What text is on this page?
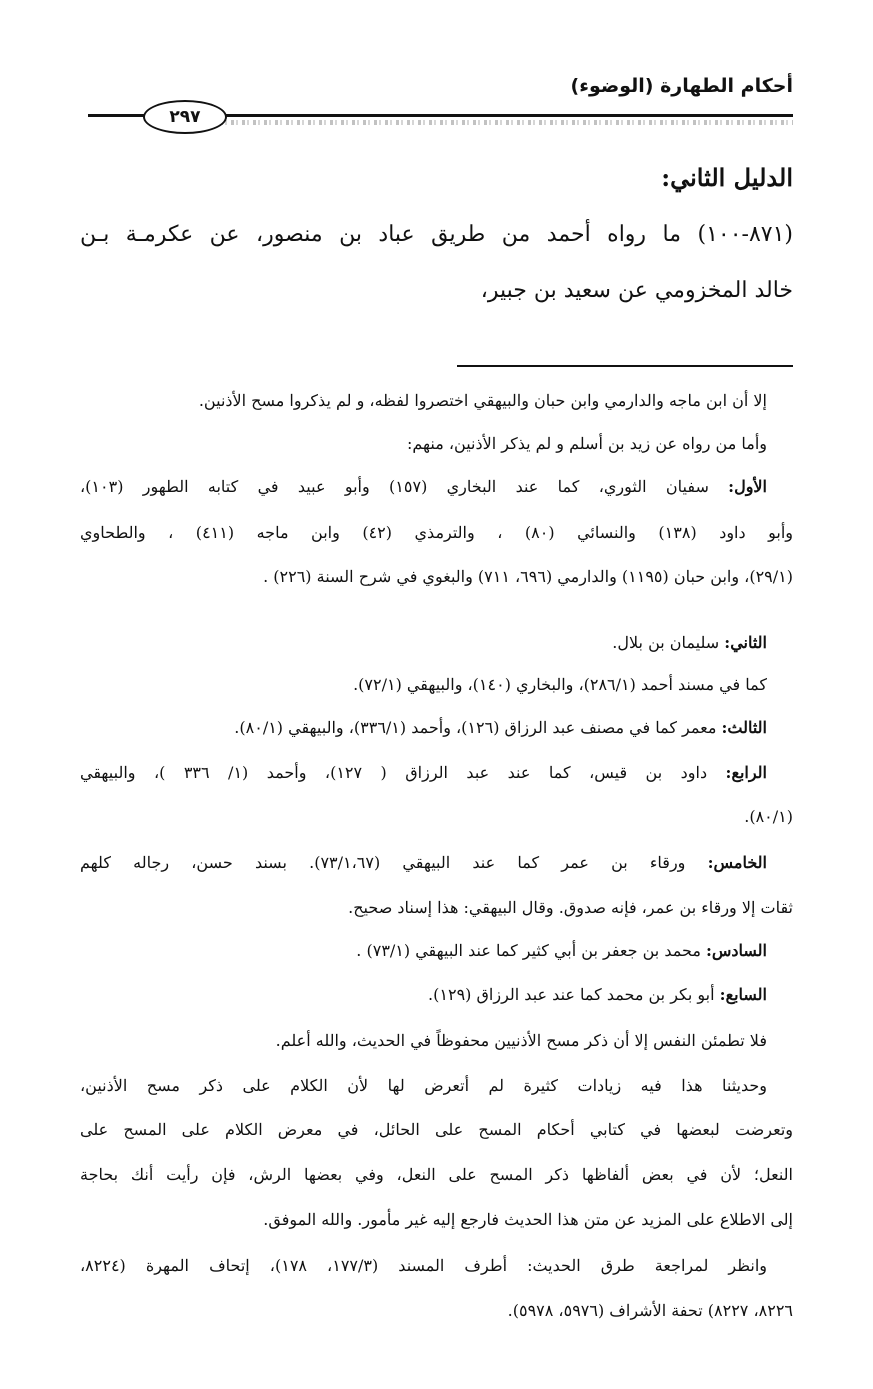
أحكام الطهارة (الوضوء)
٢٩٧
الدليل الثاني:
(٨٧١-١٠٠) ما رواه أحمد من طريق عباد بن منصور، عن عكرمـة بـن
خالد المخزومي عن سعيد بن جبير،
إلا أن ابن ماجه والدارمي وابن حبان والبيهقي اختصروا لفظه، و لم يذكروا مسح الأذنين.
وأما من رواه عن زيد بن أسلم و لم يذكر الأذنين، منهم:
الأول: سفيان الثوري، كما عند البخاري (١٥٧) وأبو عبيد في كتابه الطهور (١٠٣)،
وأبو داود (١٣٨) والنسائي (٨٠) ، والترمذي (٤٢) وابن ماجه (٤١١) ، والطحاوي
(٢٩/١)، وابن حبان (١١٩٥) والدارمي (٦٩٦، ٧١١) والبغوي في شرح السنة (٢٢٦) .
الثاني: سليمان بن بلال.
كما في مسند أحمد (٢٨٦/١)، والبخاري (١٤٠)، والبيهقي (٧٢/١).
الثالث: معمر كما في مصنف عبد الرزاق (١٢٦)، وأحمد (٣٣٦/١)، والبيهقي (٨٠/١).
الرابع: داود بن قيس، كما عند عبد الرزاق ( ١٢٧)، وأحمد (١/ ٣٣٦ )، والبيهقي
(٨٠/١).
الخامس: ورقاء بن عمر كما عند البيهقي (٧٣/١،٦٧). بسند حسن، رجاله كلهم
ثقات إلا ورقاء بن عمر، فإنه صدوق. وقال البيهقي: هذا إسناد صحيح.
السادس: محمد بن جعفر بن أبي كثير كما عند البيهقي (٧٣/١) .
السابع: أبو بكر بن محمد كما عند عبد الرزاق (١٢٩).
فلا تطمئن النفس إلا أن ذكر مسح الأذنيين محفوظاً في الحديث، والله أعلم.
وحديثنا هذا فيه زيادات كثيرة لم أتعرض لها لأن الكلام على ذكر مسح الأذنين،
وتعرضت لبعضها في كتابي أحكام المسح على الحائل، في معرض الكلام على المسح على
النعل؛ لأن في بعض ألفاظها ذكر المسح على النعل، وفي بعضها الرش، فإن رأيت أنك بحاجة
إلى الاطلاع على المزيد عن متن هذا الحديث فارجع إليه غير مأمور. والله الموفق.
وانظر لمراجعة طرق الحديث: أطرف المسند (١٧٧/٣، ١٧٨)، إتحاف المهرة (٨٢٢٤،
٨٢٢٦، ٨٢٢٧) تحفة الأشراف (٥٩٧٦، ٥٩٧٨).
